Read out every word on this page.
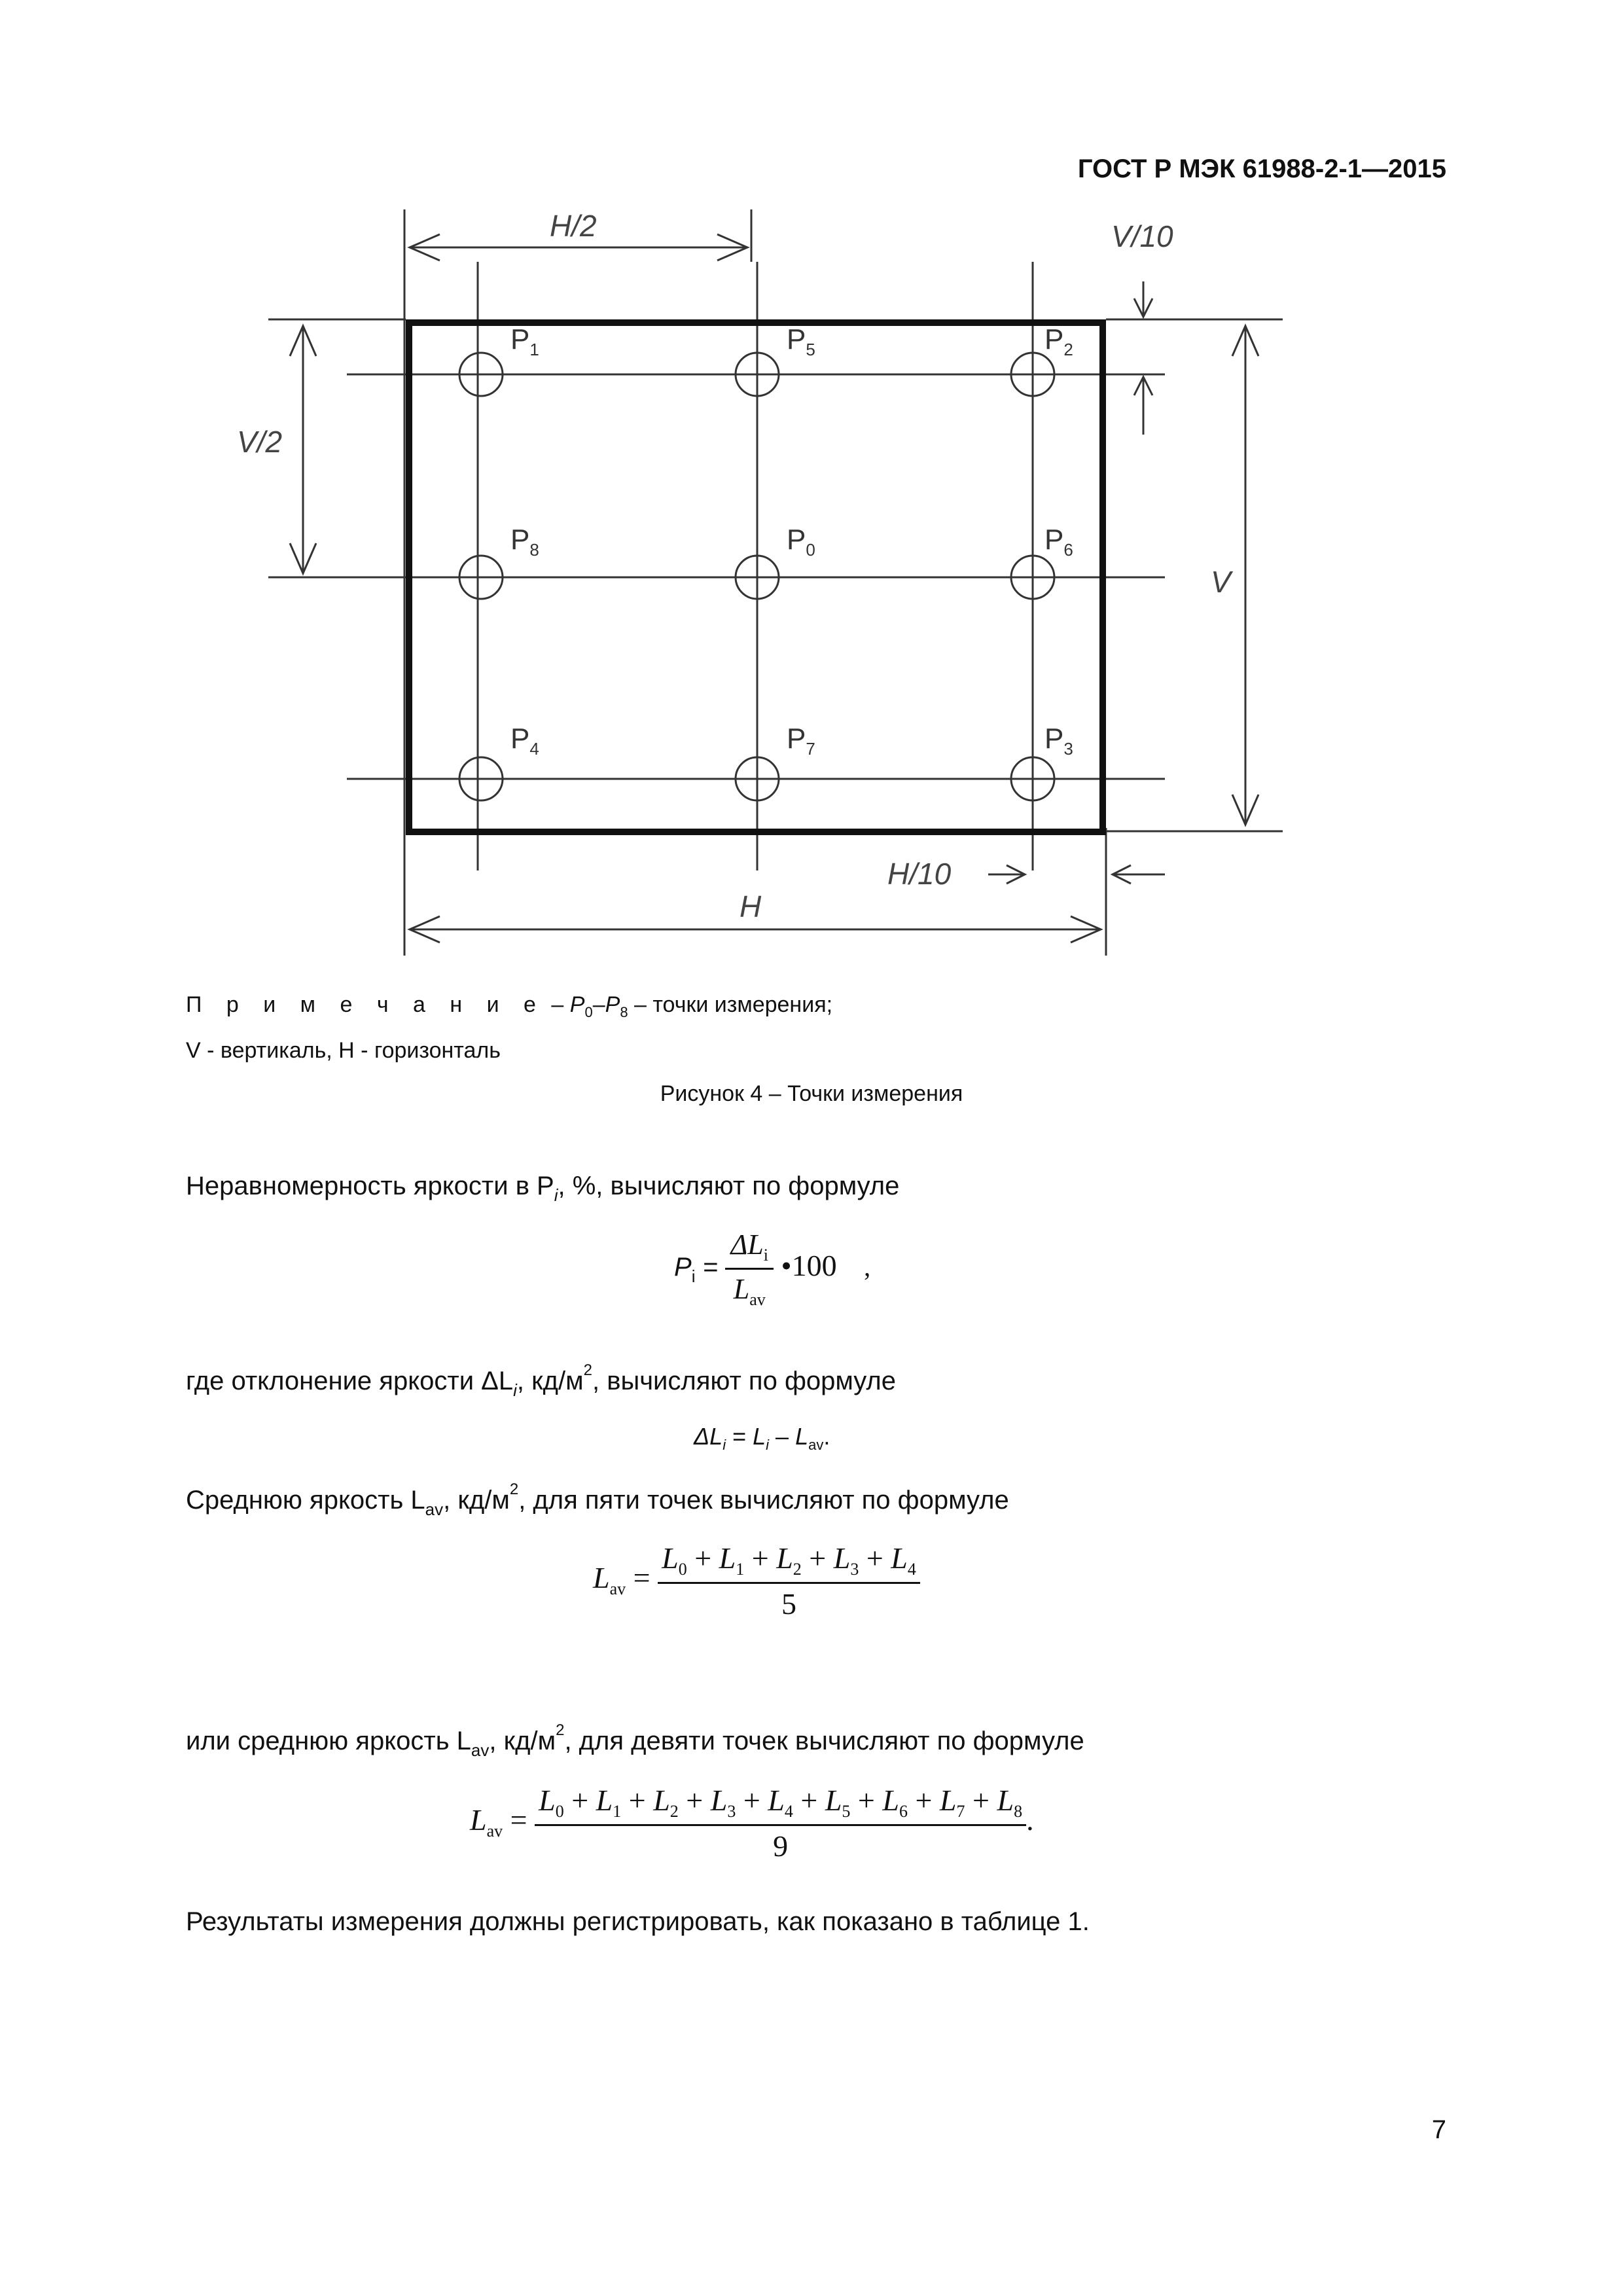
ГОСТ Р МЭК 61988-2-1—2015
H/2	V/10
V/2
V
H/10
H
$P_1$	$P_5$	$P_2$
$P_8$	$P_0$	$P_6$
$P_4$	$P_7$	$P_3$
П р и м е ч а н и е – $P_0-P_8$ – точки измерения;
V - вертикаль, H - горизонталь
Рисунок 4 – Точки измерения
Неравномерность яркости в $P_i$, %, вычисляют по формуле
$P_i = \frac{\Delta L_i}{L_{av}}$ •100 ,
где отклонение яркости $\Delta L_i$, $кд/м^2$, вычисляют по формуле
$\Delta L_i = L_i - L_{av}$.
Среднюю яркость $L_{av}$, $кд/м^2$, для пяти точек вычисляют по формуле
$L_{av} = \frac{L_0 + L_1 + L_2 + L_3 + L_4}{5}$
или среднюю яркость $L_{av}$, $кд/м^2$, для девяти точек вычисляют по формуле
$L_{av} = \frac{L_0 + L_1 + L_2 + L_3 + L_4 + L_5 + L_6 + L_7 + L_8}{9}$ .
Результаты измерения должны регистрировать, как показано в таблице 1.
7
